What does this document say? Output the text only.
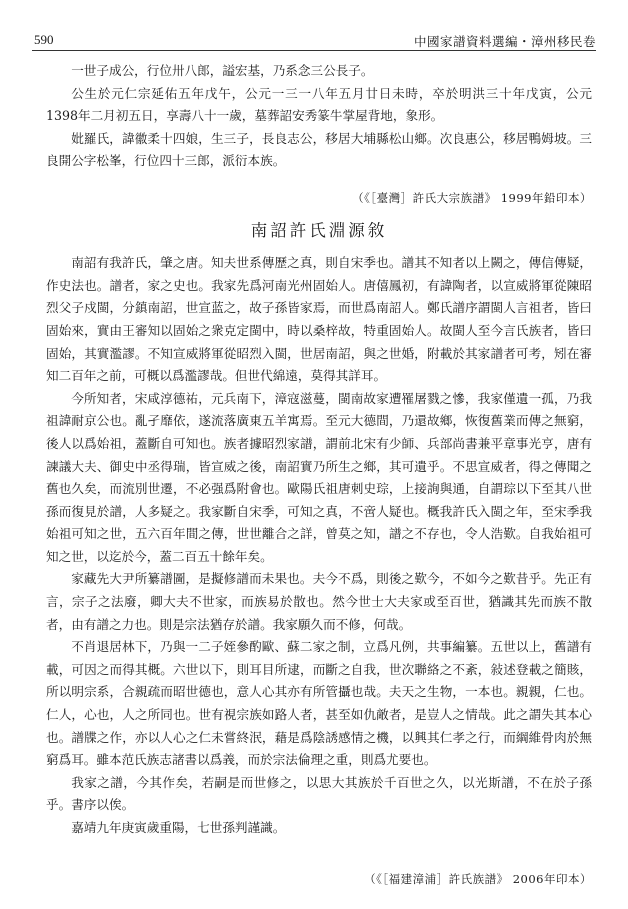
590	中國家譜資料選編・漳州移民卷

一世子成公，行位卅八郎，謚宏基，乃系念三公長子。

公生於元仁宗延佑五年戊午，公元一三一八年五月廿日未時，卒於明洪三十年戊寅，公元1398年二月初五日，享壽八十一歲，墓葬詔安秀篆牛掌屋背地，象形。

妣羅氏，諱徽柔十四娘，生三子，長良志公，移居大埔縣松山鄉。次良惠公，移居鴨姆坡。三良開公字松峯，行位四十三郎，派衍本族。

（《［臺灣］許氏大宗族譜》 1999年鉛印本）
南詔許氏淵源敘

南詔有我許氏，肇之唐。知夫世系傳歷之真，則自宋季也。譜其不知者以上闕之，傳信傳疑，作史法也。譜者，家之史也。我家先爲河南光州固始人。唐僖鳳初，有諱陶者，以宣威將軍從陳昭烈父子戍閩，分鎮南詔，世宣蓝之，故子孫皆家焉，而世爲南詔人。鄭氏譜序謂閩人言祖者，皆曰固始來，實由王審知以固始之衆克定閩中，時以桑梓故，特重固始人。故閩人至今言氏族者，皆曰固始，其實濫謬。不知宣威將軍從昭烈入閩，世居南詔，與之世婚，附載於其家譜者可考，矧在審知二百年之前，可概以爲濫謬哉。但世代綿遠，莫得其詳耳。

今所知者，宋咸淳德祐，元兵南下，漳寇滋蔓，閩南故家遭罹屠戮之慘，我家僅遺一孤，乃我祖諱耐京公也。亂孑靡依，遂流落廣東五羊寓焉。至元大德間，乃還故鄉，恢復舊業而傳之無窮，後人以爲始祖，蓋斷自可知也。族者據昭烈家譜，謂前北宋有少師、兵部尚書兼平章事光亨，唐有諫議大夫、御史中丞得瑞，皆宣威之後，南詔實乃所生之鄉，其可遺乎。不思宣威者，得之傳聞之舊也久矣，而流別世遷，不必强爲附會也。歐陽氏祖唐刺史琮，上接詢與通，自謂琮以下至其八世孫而復見於譜，人多疑之。我家斷自宋季，可知之真，不啻人疑也。概我許氏入閩之年，至宋季我始祖可知之世，五六百年間之傳，世世離合之詳，曾莫之知，譜之不存也，令人浩歎。自我始祖可知之世，以迄於今，蓋二百五十餘年矣。

家藏先大尹所纂譜圖，是擬修譜而未果也。夫今不爲，則後之歎今，不如今之歎昔乎。先正有言，宗子之法廢，卿大夫不世家，而族易於散也。然今世士大夫家或至百世，猶識其先而族不散者，由有譜之力也。則是宗法猶存於譜。我家願久而不修，何哉。

不肖退居林下，乃與一二子姪參酌歐、蘇二家之制，立爲凡例，共事編纂。五世以上，舊譜有載，可因之而得其概。六世以下，則耳目所逮，而斷之自我，世次聯絡之不紊，敍述登載之簡賅，所以明宗系，合親疏而昭世德也，意人心其亦有所管攝也哉。夫天之生物，一本也。親親，仁也。仁人，心也，人之所同也。世有視宗族如路人者，甚至如仇敵者，是豈人之情哉。此之謂失其本心也。譜牒之作，亦以人心之仁未嘗終泯，藉是爲陰誘感情之機，以興其仁孝之行，而綱維骨肉於無窮爲耳。雖本范氏族志諸書以爲義，而於宗法倫理之重，則爲尤要也。

我家之譜，今其作矣，若嗣是而世修之，以思大其族於千百世之久，以光斯譜，不在於子孫乎。書序以俟。

嘉靖九年庚寅歲重陽，七世孫判謹識。

（《［福建漳浦］許氏族譜》 2006年印本）
